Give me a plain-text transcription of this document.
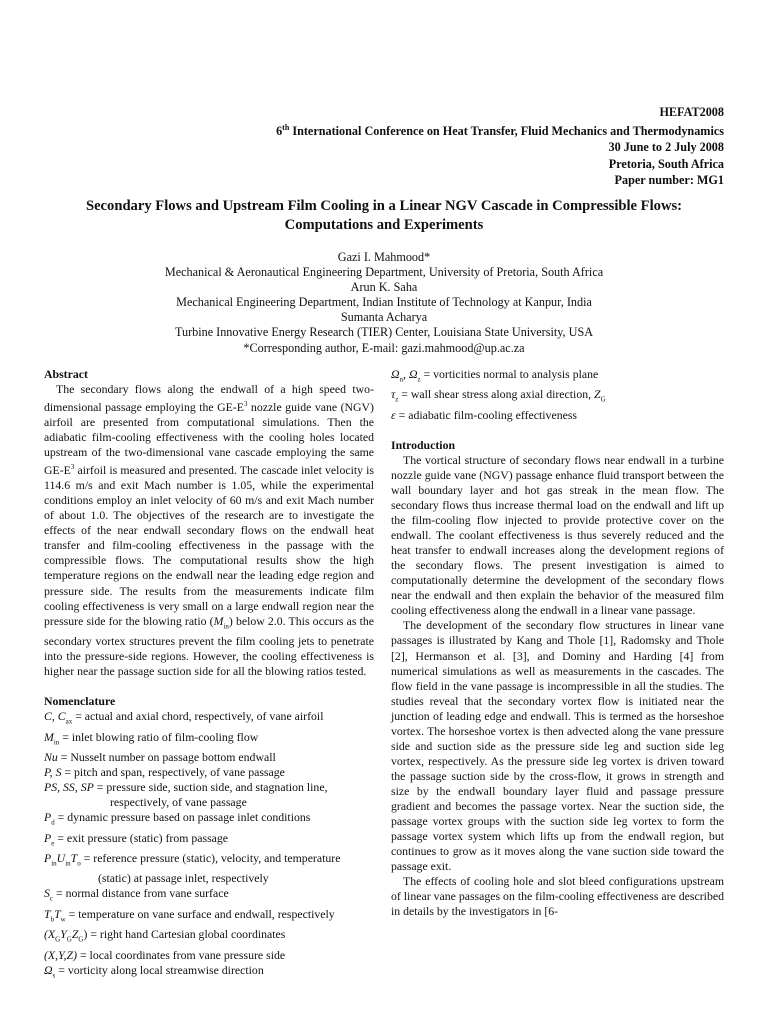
HEFAT2008
6th International Conference on Heat Transfer, Fluid Mechanics and Thermodynamics
30 June to 2 July 2008
Pretoria, South Africa
Paper number: MG1
Secondary Flows and Upstream Film Cooling in a Linear NGV Cascade in Compressible Flows:
Computations and Experiments
Gazi I. Mahmood*
Mechanical & Aeronautical Engineering Department, University of Pretoria, South Africa
Arun K. Saha
Mechanical Engineering Department, Indian Institute of Technology at Kanpur, India
Sumanta Acharya
Turbine Innovative Energy Research (TIER) Center, Louisiana State University, USA
*Corresponding author, E-mail: gazi.mahmood@up.ac.za
Abstract

The secondary flows along the endwall of a high speed two-dimensional passage employing the $GE-E^3$ nozzle guide vane (NGV) airfoil are presented from computational simulations. Then the adiabatic film-cooling effectiveness with the cooling holes located upstream of the two-dimensional vane cascade employing the same $GE-E^3$ airfoil is measured and presented. The cascade inlet velocity is 114.6 m/s and exit Mach number is 1.05, while the experimental conditions employ an inlet velocity of 60 m/s and exit Mach number of about 1.0. The objectives of the research are to investigate the effects of the near endwall secondary flows on the endwall heat transfer and film-cooling effectiveness in the passage with the compressible flows. The computational results show the high temperature regions on the endwall near the leading edge region and pressure side. The results from the measurements indicate film cooling effectiveness is very small on a large endwall region near the pressure side for the blowing ratio $(M_{in})$ below 2.0. This occurs as the secondary vortex structures prevent the film cooling jets to penetrate into the pressure-side regions. However, the cooling effectiveness is higher near the passage suction side for all the blowing ratios tested.

Nomenclature
C, $C_{ax}$ = actual and axial chord, respectively, of vane airfoil
$M_{in}$ = inlet blowing ratio of film-cooling flow
Nu = Nusselt number on passage bottom endwall
P, S = pitch and span, respectively, of vane passage
PS, SS, SP = pressure side, suction side, and stagnation line,
respectively, of vane passage
$P_d$ = dynamic pressure based on passage inlet conditions
$P_e$ = exit pressure (static) from passage
$P_{in}U_{in}T_o$ = reference pressure (static), velocity, and temperature
(static) at passage inlet, respectively
$S_c$ = normal distance from vane surface
$T_bT_w$ = temperature on vane surface and endwall, respectively
$(X_GY_GZ_G)$ = right hand Cartesian global coordinates
(X,Y,Z) = local coordinates from vane pressure side
$\Omega_s$ = vorticity along local streamwise direction
$\Omega_n$, $\Omega_z$ = vorticities normal to analysis plane
$\tau_z$ = wall shear stress along axial direction, $Z_G$
ε = adiabatic film-cooling effectiveness
Introduction

The vortical structure of secondary flows near endwall in a turbine nozzle guide vane (NGV) passage enhance fluid transport between the wall boundary layer and hot gas streak in the mean flow. The secondary flows thus increase thermal load on the endwall and lift up the film-cooling flow injected to provide protective cover on the endwall. The coolant effectiveness is thus severely reduced and the heat transfer to endwall increases along the development regions of the secondary flows. The present investigation is aimed to computationally determine the development of the secondary flows near the endwall and then explain the behavior of the measured film cooling effectiveness along the endwall in a linear vane passage.

The development of the secondary flow structures in linear vane passages is illustrated by Kang and Thole [1], Radomsky and Thole [2], Hermanson et al. [3], and Dominy and Harding [4] from numerical simulations as well as measurements in the cascades. The flow field in the vane passage is incompressible in all the studies. The studies reveal that the secondary vortex flow is initiated near the junction of leading edge and endwall. This is termed as the horseshoe vortex. The horseshoe vortex is then advected along the vane pressure side and suction side as the pressure side leg and suction side leg vortex, respectively. As the pressure side leg vortex is driven toward the passage suction side by the cross-flow, it grows in strength and size by the endwall boundary layer fluid and passage pressure gradient and becomes the passage vortex. Near the suction side, the passage vortex groups with the suction side leg vortex to form the passage vortex system which lifts up from the endwall region, but continues to grow as it moves along the vane suction side toward the passage exit.

The effects of cooling hole and slot bleed configurations upstream of linear vane passages on the film-cooling effectiveness are described in details by the investigators in [6-
